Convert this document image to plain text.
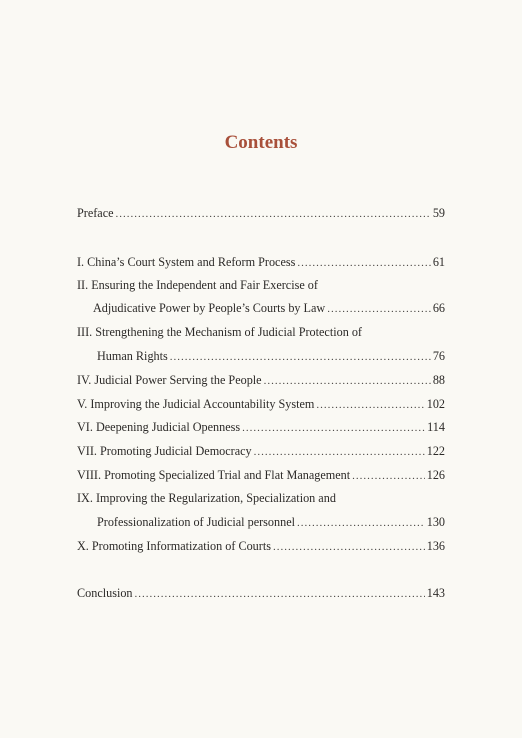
Contents
Preface .....	59
I. China’s Court System and Reform Process .....	61
II. Ensuring the Independent and Fair Exercise of
Adjudicative Power by People’s Courts by Law .....	66
III. Strengthening the Mechanism of Judicial Protection of
Human Rights .....	76
IV. Judicial Power Serving the People .....	88
V. Improving the Judicial Accountability System .....	102
VI. Deepening Judicial Openness .....	114
VII. Promoting Judicial Democracy .....	122
VIII. Promoting Specialized Trial and Flat Management .....	126
IX. Improving the Regularization, Specialization and
Professionalization of Judicial personnel .....	130
X. Promoting Informatization of Courts .....	136
Conclusion .....	143
